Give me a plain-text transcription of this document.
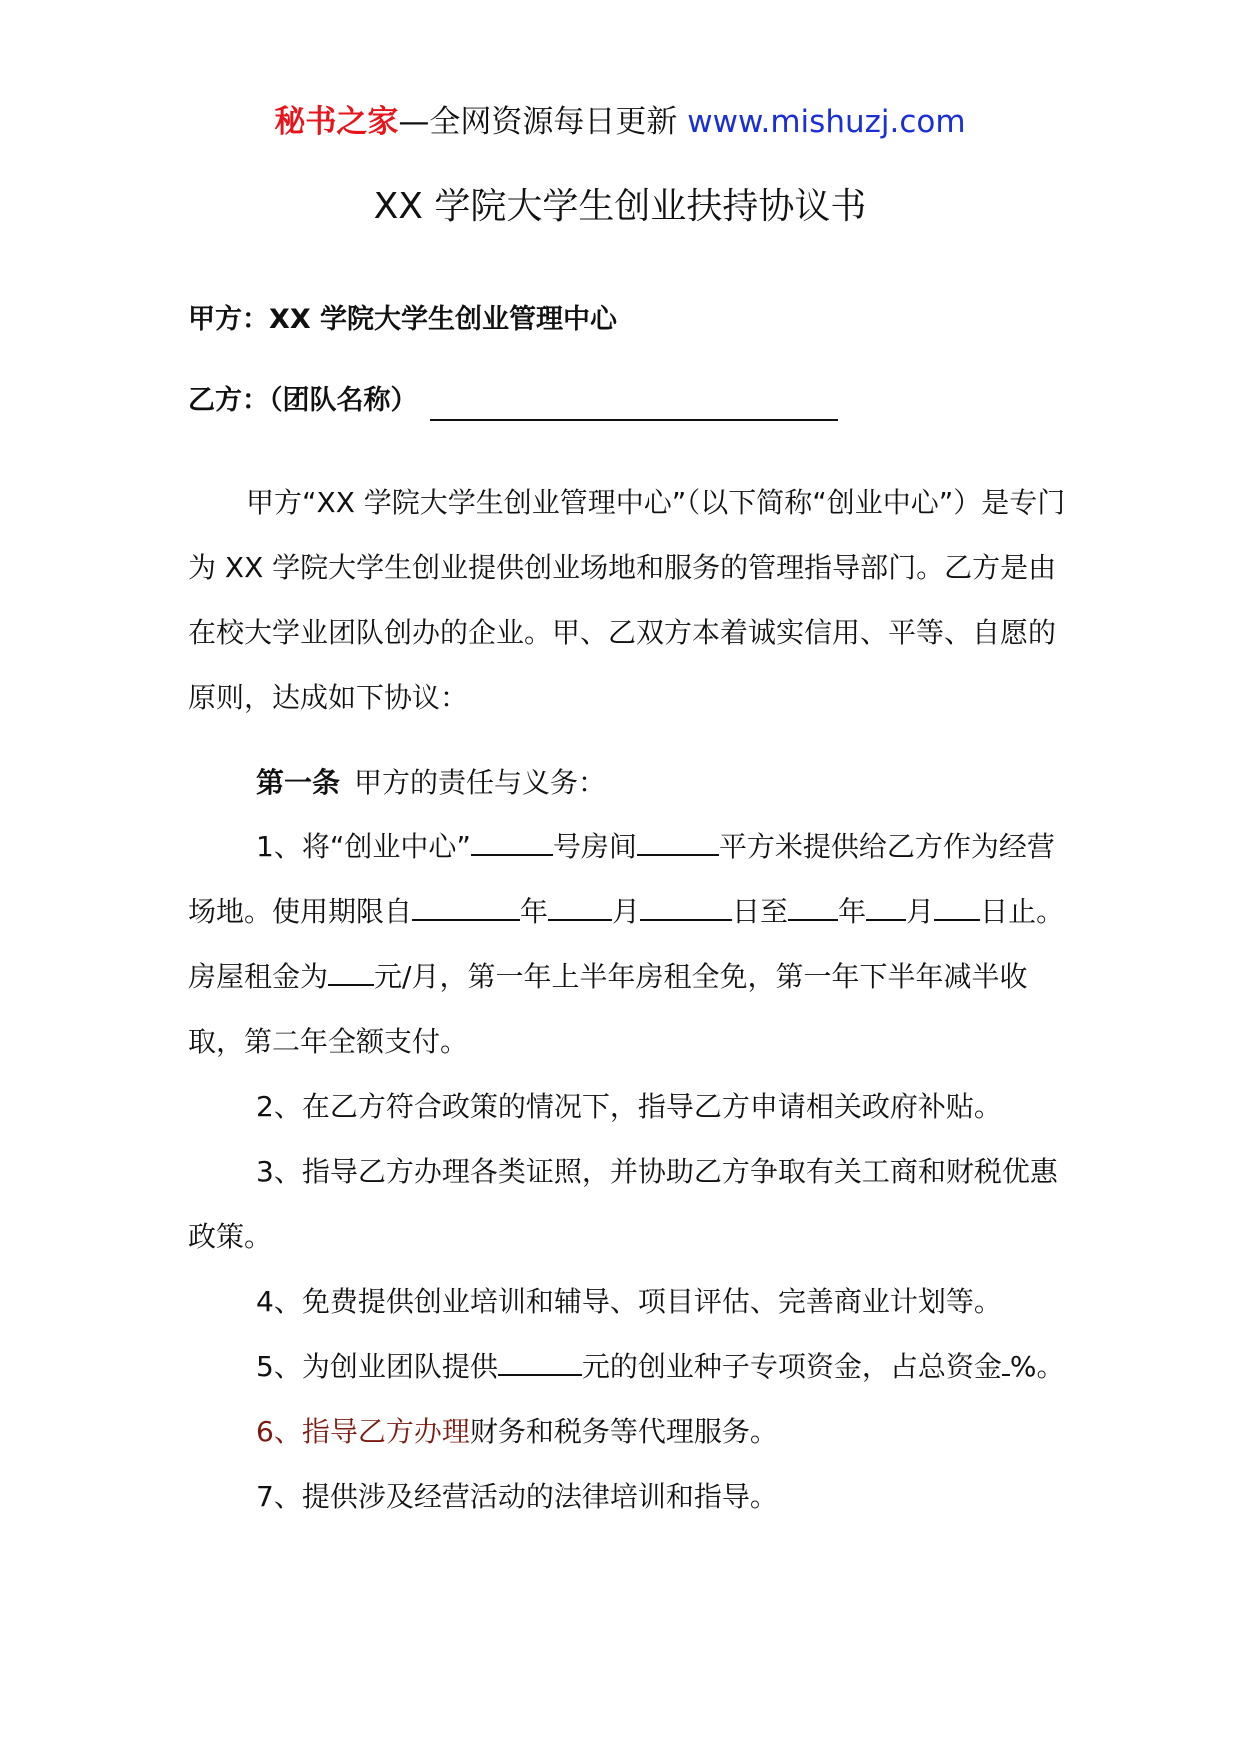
秘书之家—全网资源每日更新 www.mishuzj.com
XX 学院大学生创业扶持协议书
甲方：XX 学院大学生创业管理中心
乙方：（团队名称）

甲方“XX 学院大学生创业管理中心”（以下简称“创业中心”）是专门为 XX 学院大学生创业提供创业场地和服务的管理指导部门。乙方是由在校大学业团队创办的企业。甲、乙双方本着诚实信用、平等、自愿的原则，达成如下协议：

第一条 甲方的责任与义务：

1、将“创业中心”	号房间	平方米提供给乙方作为经营场地。使用期限自	年 月	日至 年 月 日止。房屋租金为 元/月，第一年上半年房租全免，第一年下半年减半收取，第二年全额支付。

2、在乙方符合政策的情况下，指导乙方申请相关政府补贴。

3、指导乙方办理各类证照，并协助乙方争取有关工商和财税优惠政策。

4、免费提供创业培训和辅导、项目评估、完善商业计划等。

5、为创业团队提供	元的创业种子专项资金，占总资金 %。

6、指导乙方办理财务和税务等代理服务。

7、提供涉及经营活动的法律培训和指导。
